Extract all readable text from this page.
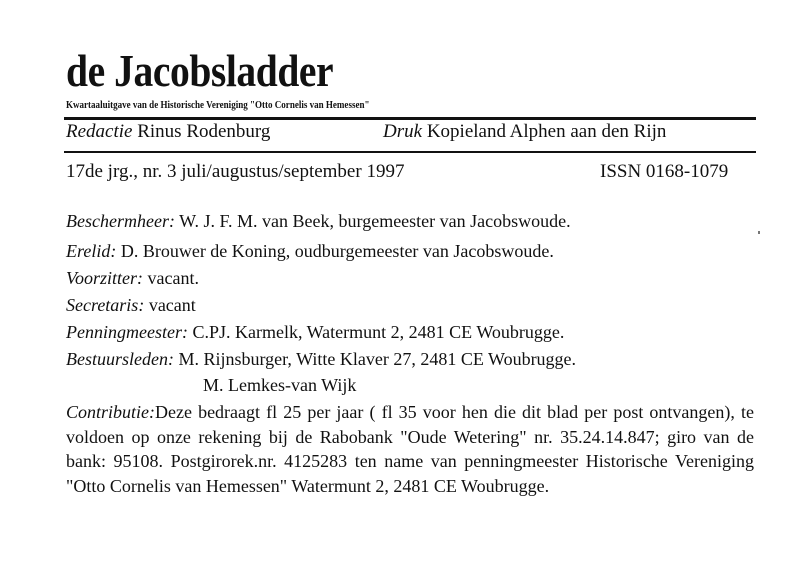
de Jacobsladder
Kwartaaluitgave van de Historische Vereniging "Otto Cornelis van Hemessen"
Redactie Rinus Rodenburg	Druk Kopieland Alphen aan den Rijn
17de jrg., nr. 3 juli/augustus/september 1997	ISSN 0168-1079
Beschermheer: W. J. F. M. van Beek, burgemeester van Jacobswoude.
Erelid: D. Brouwer de Koning, oudburgemeester van Jacobswoude.
Voorzitter: vacant.
Secretaris: vacant
Penningmeester: C.PJ. Karmelk, Watermunt 2, 2481 CE Woubrugge.
Bestuursleden: M. Rijnsburger, Witte Klaver 27, 2481 CE Woubrugge.
M. Lemkes-van Wijk
Contributie:Deze bedraagt fl 25 per jaar ( fl 35 voor hen die dit blad per post ontvangen), te voldoen op onze rekening bij de Rabobank "Oude Wetering" nr. 35.24.14.847; giro van de bank: 95108. Postgirorek.nr. 4125283 ten name van penningmeester Historische Vereniging "Otto Cornelis van Hemessen" Watermunt 2, 2481 CE Woubrugge.
